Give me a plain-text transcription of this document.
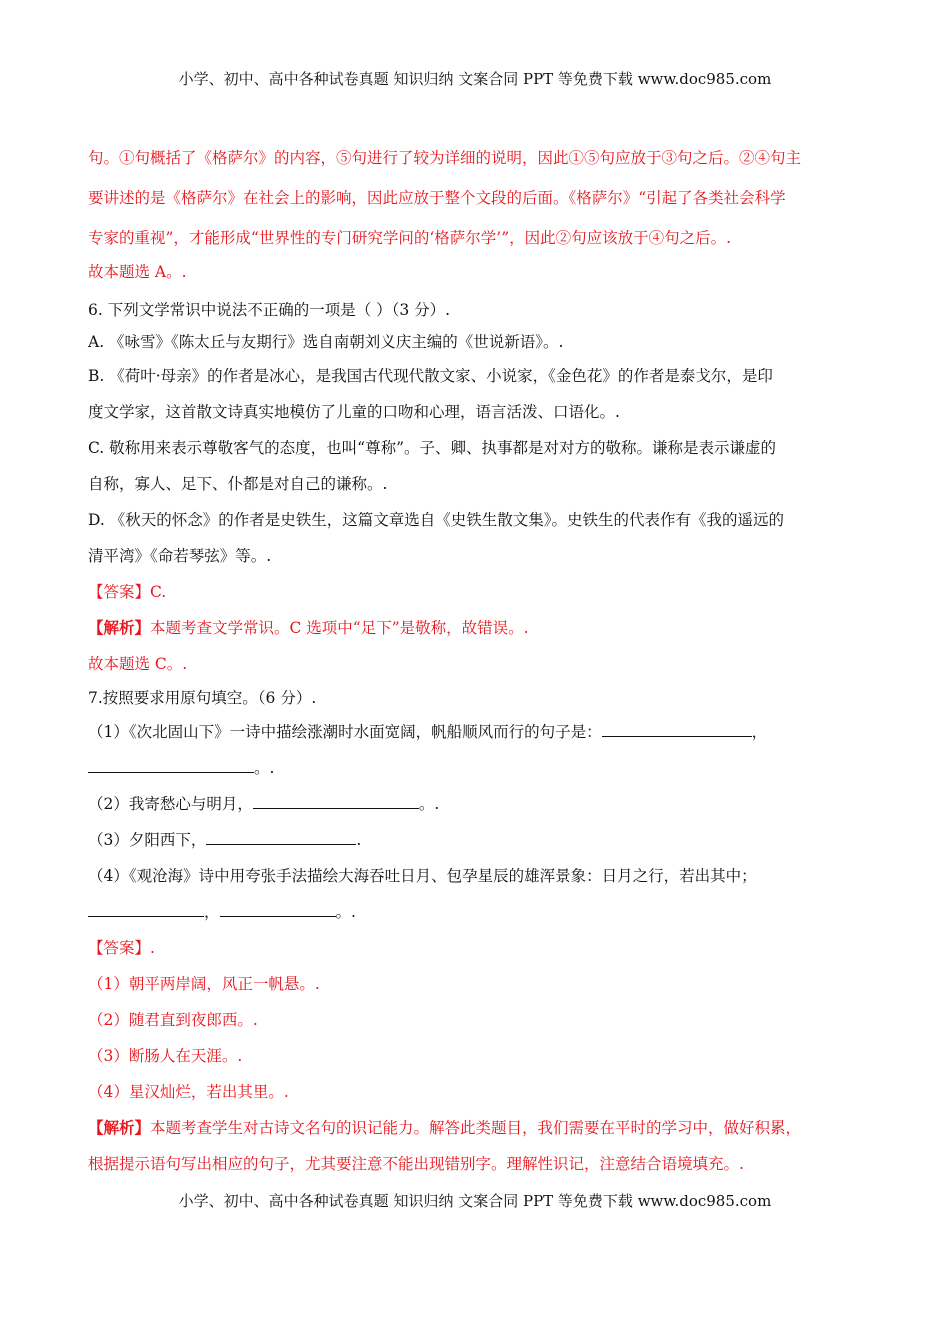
小学、初中、高中各种试卷真题 知识归纳 文案合同 PPT 等免费下载 www.doc985.com

句。①句概括了《格萨尔》的内容，⑤句进行了较为详细的说明，因此①⑤句应放于③句之后。②④句主

要讲述的是《格萨尔》在社会上的影响，因此应放于整个文段的后面。《格萨尔》“引起了各类社会科学

专家的重视”，才能形成“世界性的专门研究学问的‘格萨尔学’”，因此②句应该放于④句之后。.

故本题选 A。.

6. 下列文学常识中说法不正确的一项是（ ）（3 分）.

A. 《咏雪》《陈太丘与友期行》选自南朝刘义庆主编的《世说新语》。.

B. 《荷叶·母亲》的作者是冰心，是我国古代现代散文家、小说家，《金色花》的作者是泰戈尔，是印

度文学家，这首散文诗真实地模仿了儿童的口吻和心理，语言活泼、口语化。.

C. 敬称用来表示尊敬客气的态度，也叫“尊称”。子、卿、执事都是对对方的敬称。谦称是表示谦虚的

自称，寡人、足下、仆都是对自己的谦称。.

D. 《秋天的怀念》的作者是史铁生，这篇文章选自《史铁生散文集》。史铁生的代表作有《我的遥远的

清平湾》《命若琴弦》等。.

【答案】C.

【解析】本题考查文学常识。C 选项中“足下”是敬称，故错误。.

故本题选 C。.

7.按照要求用原句填空。（6 分）.

（1）《次北固山下》一诗中描绘涨潮时水面宽阔，帆船顺风而行的句子是：	，

。.

（2）我寄愁心与明月，	。.

（3）夕阳西下，	.

（4）《观沧海》诗中用夸张手法描绘大海吞吐日月、包孕星辰的雄浑景象：日月之行，若出其中；

，	。.

【答案】.

（1）朝平两岸阔，风正一帆悬。.

（2）随君直到夜郎西。.

（3）断肠人在天涯。.

（4）星汉灿烂，若出其里。.

【解析】本题考查学生对古诗文名句的识记能力。解答此类题目，我们需要在平时的学习中，做好积累，

根据提示语句写出相应的句子，尤其要注意不能出现错别字。理解性识记，注意结合语境填充。.

小学、初中、高中各种试卷真题 知识归纳 文案合同 PPT 等免费下载 www.doc985.com
